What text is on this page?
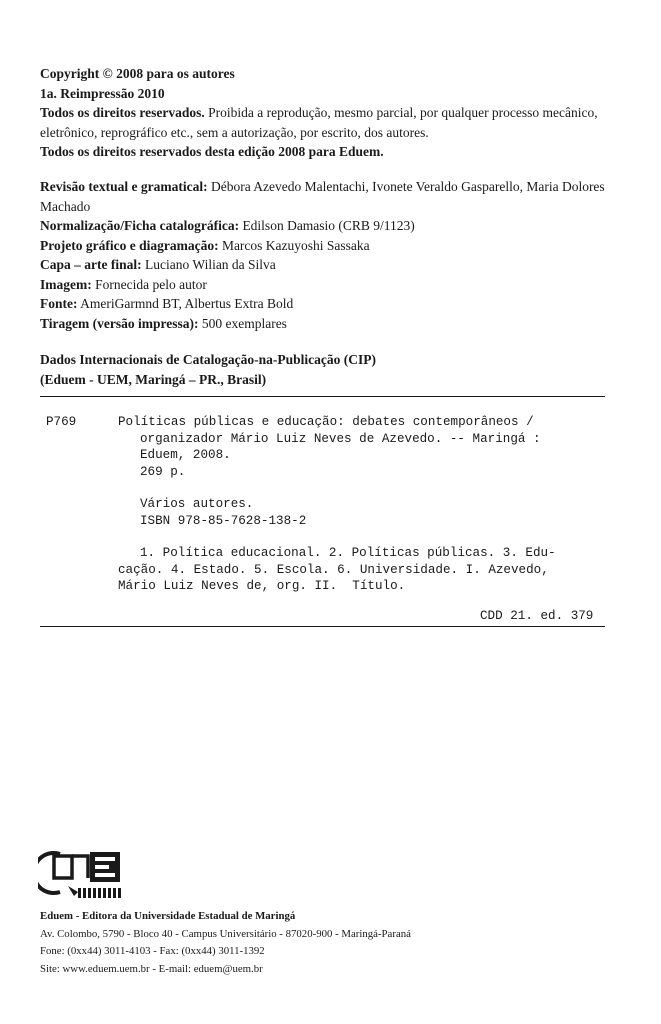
Copyright © 2008 para os autores
1a. Reimpressão 2010
Todos os direitos reservados. Proibida a reprodução, mesmo parcial, por qualquer processo mecânico, eletrônico, reprográfico etc., sem a autorização, por escrito, dos autores.
Todos os direitos reservados desta edição 2008 para Eduem.
Revisão textual e gramatical: Débora Azevedo Malentachi, Ivonete Veraldo Gasparello, Maria Dolores Machado
Normalização/Ficha catalográfica: Edilson Damasio (CRB 9/1123)
Projeto gráfico e diagramação: Marcos Kazuyoshi Sassaka
Capa – arte final: Luciano Wilian da Silva
Imagem: Fornecida pelo autor
Fonte: AmeriGarmnd BT, Albertus Extra Bold
Tiragem (versão impressa): 500 exemplares
Dados Internacionais de Catalogação-na-Publicação (CIP)
(Eduem - UEM, Maringá – PR., Brasil)
P769	Políticas públicas e educação: debates contemporâneos /
organizador Mário Luiz Neves de Azevedo. -- Maringá :
Eduem, 2008.
269 p.
Vários autores.
ISBN 978-85-7628-138-2
1. Política educacional. 2. Políticas públicas. 3. Edu-
cação. 4. Estado. 5. Escola. 6. Universidade. I. Azevedo,
Mário Luiz Neves de, org. II.  Título.
CDD 21. ed. 379
Eduem - Editora da Universidade Estadual de Maringá
Av. Colombo, 5790 - Bloco 40 - Campus Universitário - 87020-900 - Maringá-Paraná
Fone: (0xx44) 3011-4103 - Fax: (0xx44) 3011-1392
Site: www.eduem.uem.br - E-mail: eduem@uem.br
